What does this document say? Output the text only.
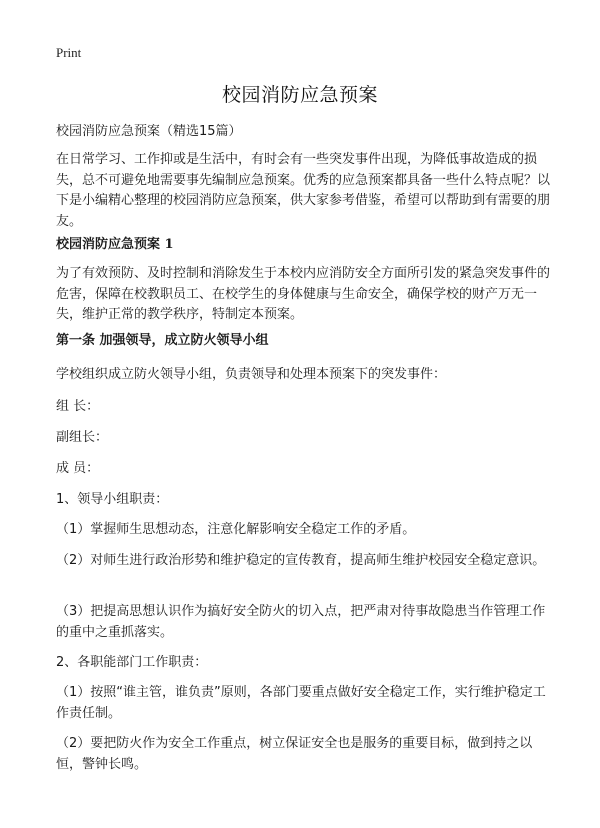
Print
校园消防应急预案

校园消防应急预案（精选15篇）

在日常学习、工作抑或是生活中，有时会有一些突发事件出现，为降低事故造成的损失，总不可避免地需要事先编制应急预案。优秀的应急预案都具备一些什么特点呢？以下是小编精心整理的校园消防应急预案，供大家参考借鉴，希望可以帮助到有需要的朋友。

校园消防应急预案 1

为了有效预防、及时控制和消除发生于本校内应消防安全方面所引发的紧急突发事件的危害，保障在校教职员工、在校学生的身体健康与生命安全，确保学校的财产万无一失，维护正常的教学秩序，特制定本预案。

第一条 加强领导，成立防火领导小组

学校组织成立防火领导小组，负责领导和处理本预案下的突发事件：

组 长：

副组长：

成 员：

1、领导小组职责：

（1）掌握师生思想动态，注意化解影响安全稳定工作的矛盾。

（2）对师生进行政治形势和维护稳定的宣传教育，提高师生维护校园安全稳定意识。

（3）把提高思想认识作为搞好安全防火的切入点，把严肃对待事故隐患当作管理工作的重中之重抓落实。

2、各职能部门工作职责：

（1）按照“谁主管，谁负责”原则，各部门要重点做好安全稳定工作，实行维护稳定工作责任制。

（2）要把防火作为安全工作重点，树立保证安全也是服务的重要目标，做到持之以恒，警钟长鸣。
